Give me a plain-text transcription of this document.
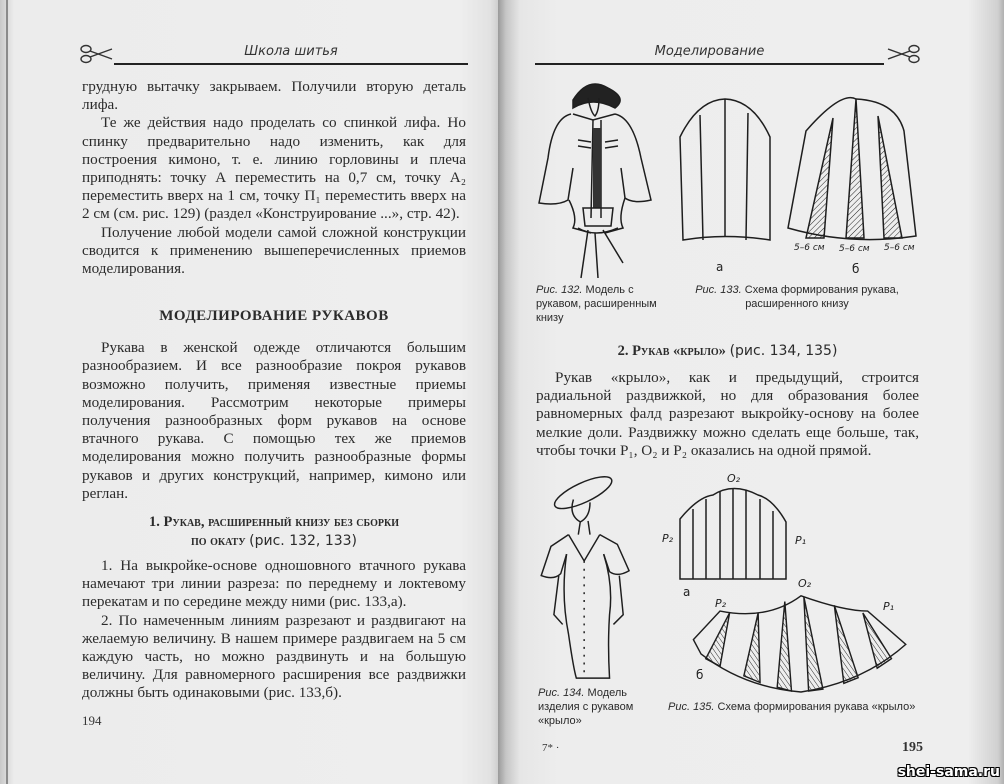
Школа шитья

грудную вытачку закрываем. Получили вторую деталь лифа.

Те же действия надо проделать со спинкой лифа. Но спинку предварительно надо изменить, как для построения кимоно, т. е. линию горловины и плеча приподнять: точку А переместить на 0,7 см, точку А₂ переместить вверх на 1 см, точку П₁ переместить вверх на 2 см (см. рис. 129) (раздел «Конструирование ...», стр. 42).

Получение любой модели самой сложной конструкции сводится к применению вышеперечисленных приемов моделирования.

МОДЕЛИРОВАНИЕ РУКАВОВ

Рукава в женской одежде отличаются большим разнообразием. И все разнообразие покроя рукавов возможно получить, применяя известные приемы моделирования. Рассмотрим некоторые примеры получения разнообразных форм рукавов на основе втачного рукава. С помощью тех же приемов моделирования можно получить разнообразные формы рукавов и других конструкций, например, кимоно или реглан.

1. Рукав, расширенный книзу без сборки
по окату (рис. 132, 133)

1. На выкройке-основе одношовного втачного рукава намечают три линии разреза: по переднему и локтевому перекатам и по середине между ними (рис. 133,а).

2. По намеченным линиям разрезают и раздвигают на желаемую величину. В нашем примере раздвигаем на 5 см каждую часть, но можно раздвинуть и на большую величину. Для равномерного расширения все раздвижки должны быть одинаковыми (рис. 133,б).

194
Моделирование
а
5–6 см 5–6 см 5–6 см
б
Рис. 132. Модель с рукавом, расширенным книзу
Рис. 133. Схема формирования рукава, расширенного книзу
2. Рукав «крыло» (рис. 134, 135)

Рукав «крыло», как и предыдущий, строится радиальной раздвижкой, но для образования более равномерных фалд разрезают выкройку-основу на более мелкие доли. Раздвижку можно сделать еще больше, так, чтобы точки P₁, O₂ и P₂ оказались на одной прямой.

O₂
P₂	P₁
а
O₂
P₂	P₁
б
Рис. 134. Модель изделия с рукавом «крыло»
Рис. 135. Схема формирования рукава «крыло»
7* ·	195
shei-sama.ru
